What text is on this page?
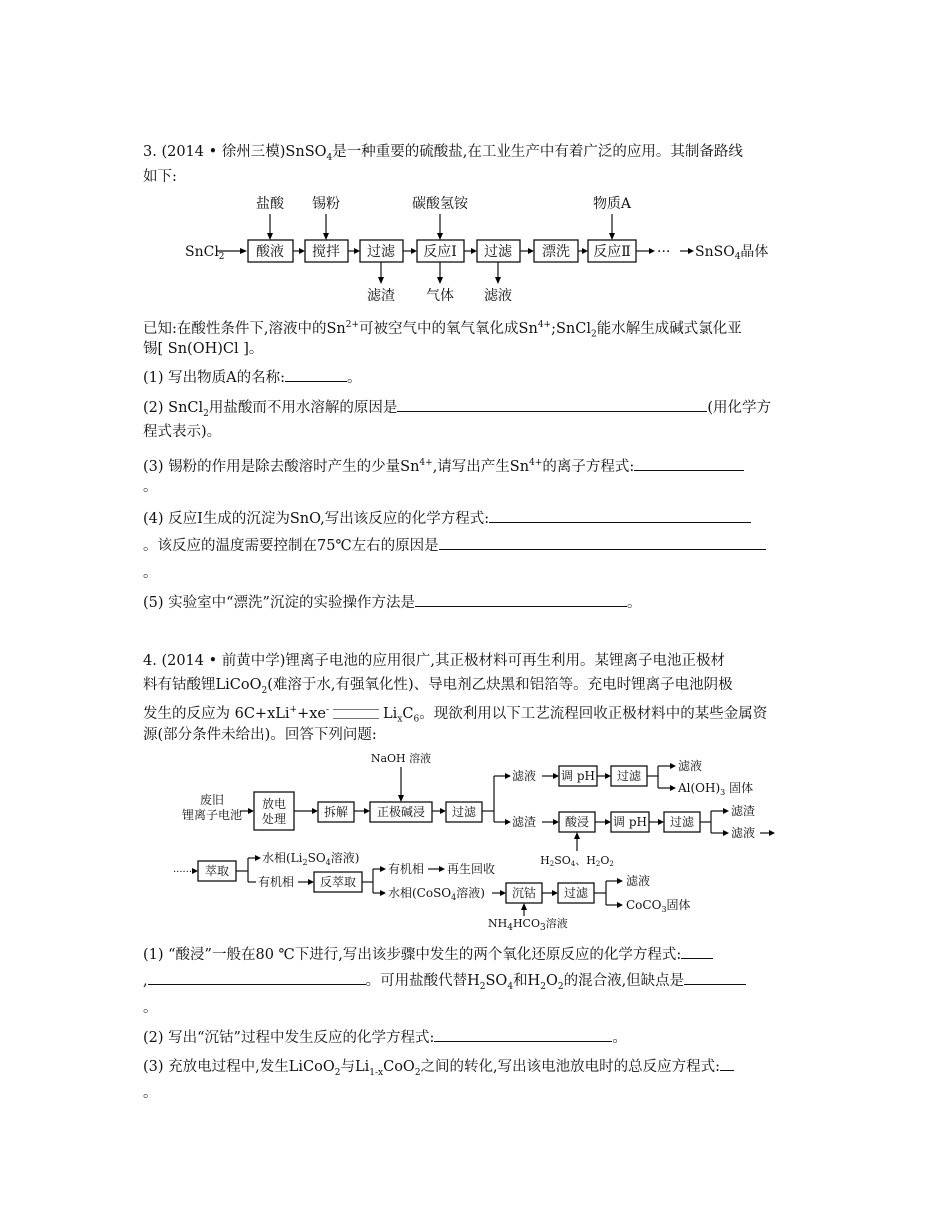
3. (2014 • 徐州三模)SnSO$_4$是一种重要的硫酸盐,在工业生产中有着广泛的应用。其制备路线
如下:
SnCl$_2$ 酸液 搅拌 过滤 反应Ⅰ 过滤 漂洗 反应Ⅱ ··· SnSO$_4$晶体
盐酸 锡粉	碳酸氢铵	物质A
滤渣 气体 滤液
已知:在酸性条件下,溶液中的$Sn^{2+}$可被空气中的氧气氧化成$Sn^{4+};SnCl_2$能水解生成碱式氯化亚
锡[ Sn(OH)Cl ]。
(1) 写出物质A的名称:	。
(2) SnCl$_2$用盐酸而不用水溶解的原因是	(用化学方
程式表示)。
(3) 锡粉的作用是除去酸溶时产生的少量$Sn^{4+}$,请写出产生$Sn^{4+}$的离子方程式:
。
(4) 反应Ⅰ生成的沉淀为SnO,写出该反应的化学方程式:
。该反应的温度需要控制在75℃左右的原因是
。
(5) 实验室中“漂洗”沉淀的实验操作方法是	。
4. (2014 • 前黄中学)锂离子电池的应用很广,其正极材料可再生利用。某锂离子电池正极材
料有钴酸锂LiCoO$_2$(难溶于水,有强氧化性)、导电剂乙炔黑和铝箔等。充电时锂离子电池阴极
发生的反应为 6C+xLi++xe-	$Li_xC_6$。现欲利用以下工艺流程回收正极材料中的某些金属资
源(部分条件未给出)。回答下列问题:
废旧
锂离子电池
放电
处理	拆解 正极碱浸
NaOH 溶液
过滤
滤液 调 pH 过滤
滤液
$Al(OH)_3$ 固体
滤渣 酸浸
H2SO4、H2O2
调 pH 过滤
滤渣
滤液
······ 萃取
水相($Li_2SO_4$溶液)
有机相 反萃取
有机相 再生回收
水相(CoSO$_4$溶液) 沉钴 过滤
滤液
CoCO$_3$固体
$NH_4HCO_3$溶液
(1) “酸浸”一般在80 ℃下进行,写出该步骤中发生的两个氧化还原反应的化学方程式:
,	。可用盐酸代替$H_2SO_4$和$H_2O_2$的混合液,但缺点是
。
(2) 写出“沉钴”过程中发生反应的化学方程式:	。
(3) 充放电过程中,发生LiCoO$_2$与$Li_{1-x}CoO_2$之间的转化,写出该电池放电时的总反应方程式:
。
